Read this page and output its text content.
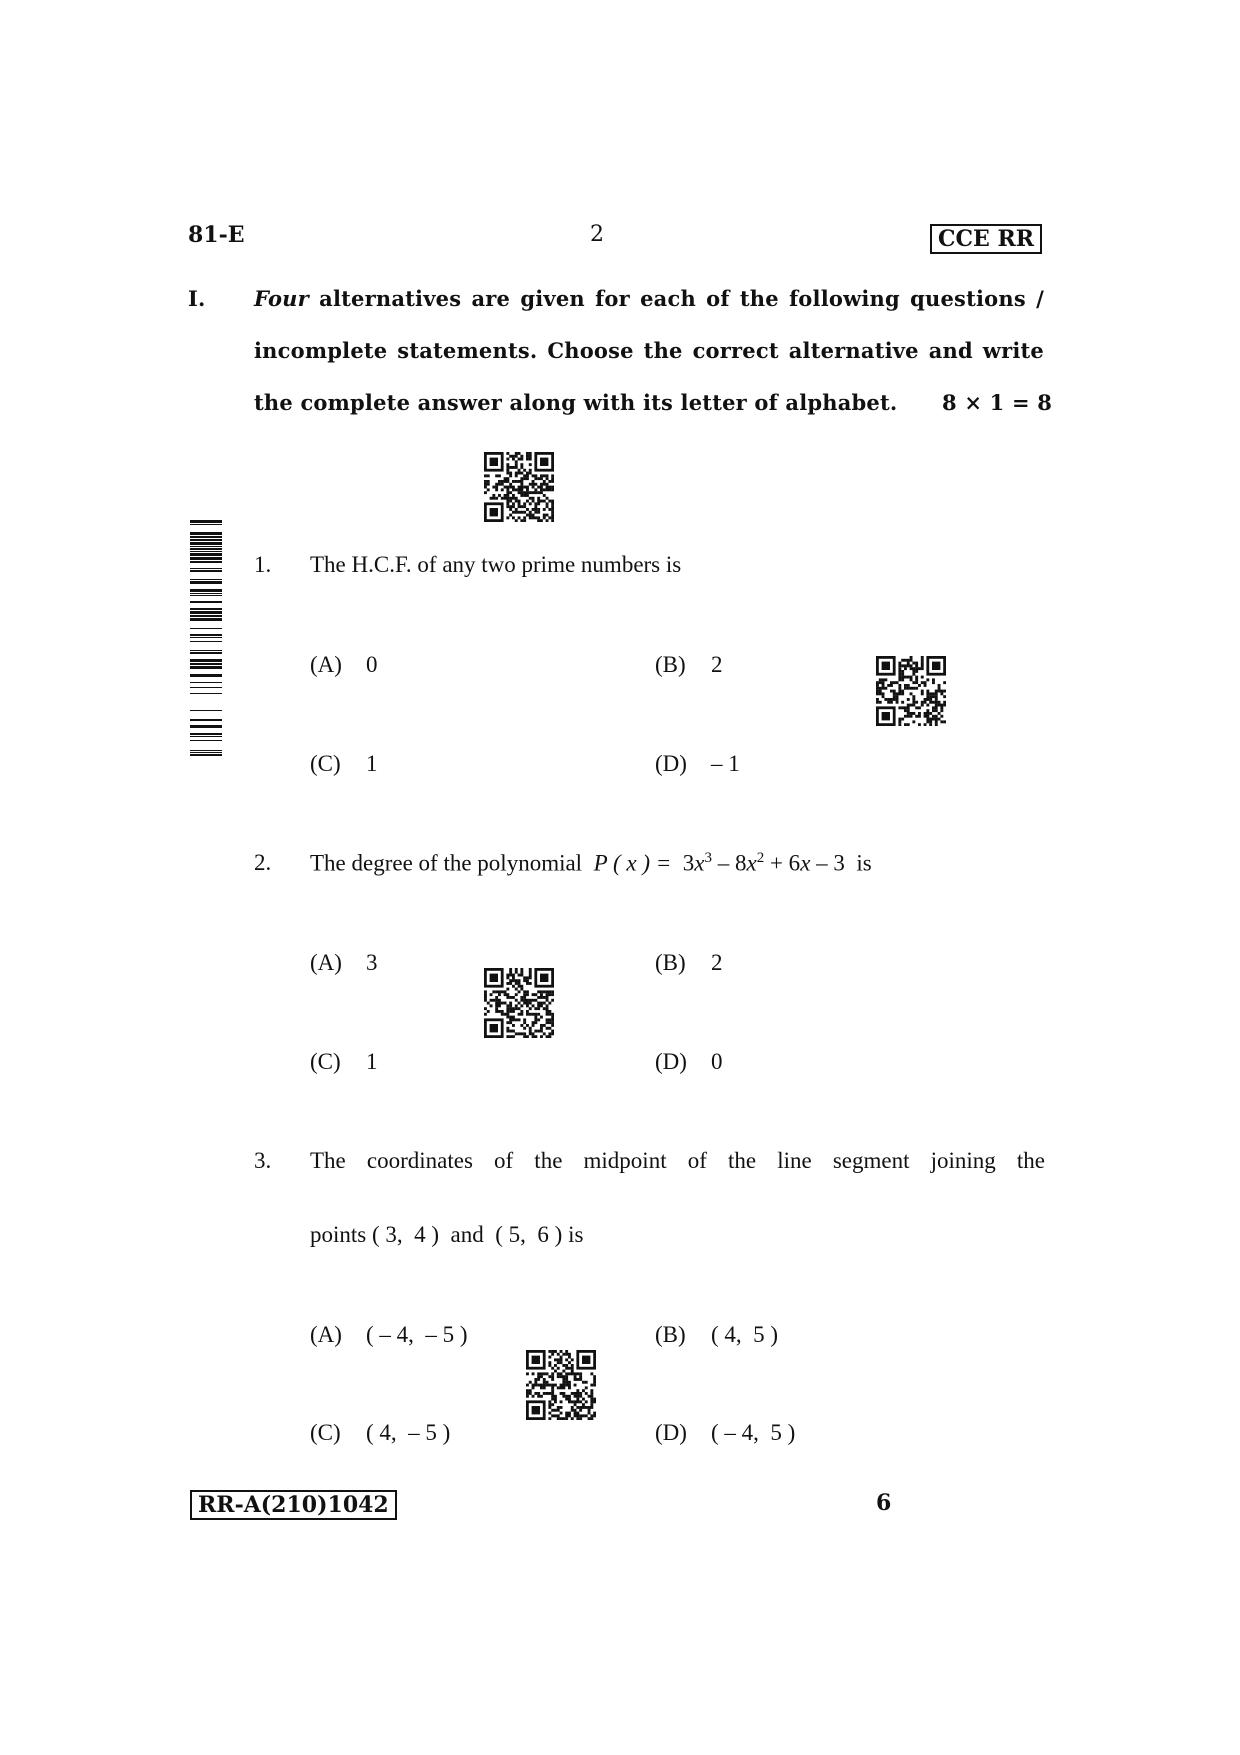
81-E	2	CCE RR
I. Four alternatives are given for each of the following questions /
incomplete statements. Choose the correct alternative and write
the complete answer along with its letter of alphabet. 8 × 1 = 8
1. The H.C.F. of any two prime numbers is
(A) 0	(B) 2
(C) 1	(D) – 1
2. The degree of the polynomial P ( x ) = $3x^3 - 8x^2 + 6x - 3$ is
(A) 3	(B) 2
(C) 1	(D) 0
3. The coordinates of the midpoint of the line segment joining the
points ( 3,  4 )  and  ( 5,  6 ) is
(A) ( – 4,  – 5 )	(B) ( 4,  5 )
(C) ( 4,  – 5 )	(D) ( – 4,  5 )
RR-A(210)1042	6
